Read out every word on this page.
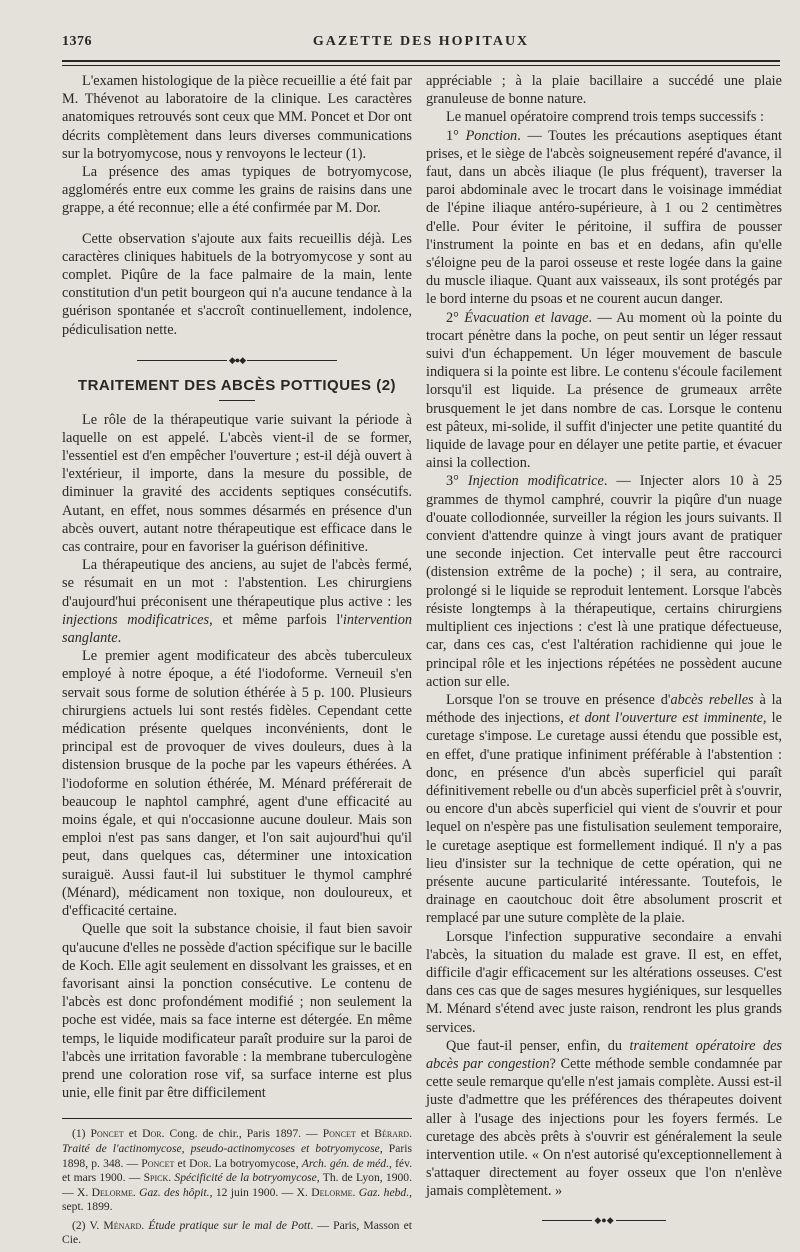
1376	GAZETTE DES HOPITAUX

L'examen histologique de la pièce recueillie a été fait par M. Thévenot au laboratoire de la clinique. Les caractères anatomiques retrouvés sont ceux que MM. Poncet et Dor ont décrits complètement dans leurs diverses communications sur la botryomycose, nous y renvoyons le lecteur (1).

La présence des amas typiques de botryomycose, agglomérés entre eux comme les grains de raisins dans une grappe, a été reconnue; elle a été confirmée par M. Dor.

Cette observation s'ajoute aux faits recueillis déjà. Les caractères cliniques habituels de la botryomycose y sont au complet. Piqûre de la face palmaire de la main, lente constitution d'un petit bourgeon qui n'a aucune tendance à la guérison spontanée et s'accroît continuellement, indolence, pédiculisation nette.

◆●◆
TRAITEMENT DES ABCÈS POTTIQUES (2)

Le rôle de la thérapeutique varie suivant la période à laquelle on est appelé. L'abcès vient-il de se former, l'essentiel est d'en empêcher l'ouverture ; est-il déjà ouvert à l'extérieur, il importe, dans la mesure du possible, de diminuer la gravité des accidents septiques consécutifs. Autant, en effet, nous sommes désarmés en présence d'un abcès ouvert, autant notre thérapeutique est efficace dans le cas contraire, pour en favoriser la guérison définitive.

La thérapeutique des anciens, au sujet de l'abcès fermé, se résumait en un mot : l'abstention. Les chirurgiens d'aujourd'hui préconisent une thérapeutique plus active : les injections modificatrices, et même parfois l'intervention sanglante.

Le premier agent modificateur des abcès tuberculeux employé à notre époque, a été l'iodoforme. Verneuil s'en servait sous forme de solution éthérée à 5 p. 100. Plusieurs chirurgiens actuels lui sont restés fidèles. Cependant cette médication présente quelques inconvénients, dont le principal est de provoquer de vives douleurs, dues à la distension brusque de la poche par les vapeurs éthérées. A l'iodoforme en solution éthérée, M. Ménard préférerait de beaucoup le naphtol camphré, agent d'une efficacité au moins égale, et qui n'occasionne aucune douleur. Mais son emploi n'est pas sans danger, et l'on sait aujourd'hui qu'il peut, dans quelques cas, déterminer une intoxication suraiguë. Aussi faut-il lui substituer le thymol camphré (Ménard), médicament non toxique, non douloureux, et d'efficacité certaine.

Quelle que soit la substance choisie, il faut bien savoir qu'aucune d'elles ne possède d'action spécifique sur le bacille de Koch. Elle agit seulement en dissolvant les graisses, et en favorisant ainsi la ponction consécutive. Le contenu de l'abcès est donc profondément modifié ; non seulement la poche est vidée, mais sa face interne est détergée. En même temps, le liquide modificateur paraît produire sur la paroi de l'abcès une irritation favorable : la membrane tuberculogène prend une coloration rose vif, sa surface interne est plus unie, elle finit par être difficilement

(1) Poncet et Dor. Cong. de chir., Paris 1897. — Poncet et Bérard. Traité de l'actinomycose, pseudo-actinomycoses et botryomycose, Paris 1898, p. 348. — Poncet et Dor. La botryomycose, Arch. gén. de méd., fév. et mars 1900. — Spick. Spécificité de la botryomycose, Th. de Lyon, 1900. — X. Delorme. Gaz. des hôpit., 12 juin 1900. — X. Delorme. Gaz. hebd., sept. 1899.

(2) V. Ménard. Étude pratique sur le mal de Pott. — Paris, Masson et Cie.

appréciable ; à la plaie bacillaire a succédé une plaie granuleuse de bonne nature.

Le manuel opératoire comprend trois temps successifs :

1° Ponction. — Toutes les précautions aseptiques étant prises, et le siège de l'abcès soigneusement repéré d'avance, il faut, dans un abcès iliaque (le plus fréquent), traverser la paroi abdominale avec le trocart dans le voisinage immédiat de l'épine iliaque antéro-supérieure, à 1 ou 2 centimètres d'elle. Pour éviter le péritoine, il suffira de pousser l'instrument la pointe en bas et en dedans, afin qu'elle s'éloigne peu de la paroi osseuse et reste logée dans la gaine du muscle iliaque. Quant aux vaisseaux, ils sont protégés par le bord interne du psoas et ne courent aucun danger.

2° Évacuation et lavage. — Au moment où la pointe du trocart pénètre dans la poche, on peut sentir un léger ressaut suivi d'un échappement. Un léger mouvement de bascule indiquera si la pointe est libre. Le contenu s'écoule facilement lorsqu'il est liquide. La présence de grumeaux arrête brusquement le jet dans nombre de cas. Lorsque le contenu est pâteux, mi-solide, il suffit d'injecter une petite quantité du liquide de lavage pour en délayer une petite partie, et évacuer ainsi la collection.

3° Injection modificatrice. — Injecter alors 10 à 25 grammes de thymol camphré, couvrir la piqûre d'un nuage d'ouate collodionnée, surveiller la région les jours suivants. Il convient d'attendre quinze à vingt jours avant de pratiquer une seconde injection. Cet intervalle peut être raccourci (distension extrême de la poche) ; il sera, au contraire, prolongé si le liquide se reproduit lentement. Lorsque l'abcès résiste longtemps à la thérapeutique, certains chirurgiens multiplient ces injections : c'est là une pratique défectueuse, car, dans ces cas, c'est l'altération rachidienne qui joue le principal rôle et les injections répétées ne possèdent aucune action sur elle.

Lorsque l'on se trouve en présence d'abcès rebelles à la méthode des injections, et dont l'ouverture est imminente, le curetage s'impose. Le curetage aussi étendu que possible est, en effet, d'une pratique infiniment préférable à l'abstention : donc, en présence d'un abcès superficiel qui paraît définitivement rebelle ou d'un abcès superficiel prêt à s'ouvrir, ou encore d'un abcès superficiel qui vient de s'ouvrir et pour lequel on n'espère pas une fistulisation seulement temporaire, le curetage aseptique est formellement indiqué. Il n'y a pas lieu d'insister sur la technique de cette opération, qui ne présente aucune particularité intéressante. Toutefois, le drainage en caoutchouc doit être absolument proscrit et remplacé par une suture complète de la plaie.

Lorsque l'infection suppurative secondaire a envahi l'abcès, la situation du malade est grave. Il est, en effet, difficile d'agir efficacement sur les altérations osseuses. C'est dans ces cas que de sages mesures hygiéniques, sur lesquelles M. Ménard s'étend avec juste raison, rendront les plus grands services.

Que faut-il penser, enfin, du traitement opératoire des abcès par congestion? Cette méthode semble condamnée par cette seule remarque qu'elle n'est jamais complète. Aussi est-il juste d'admettre que les préférences des thérapeutes doivent aller à l'usage des injections pour les foyers fermés. Le curetage des abcès prêts à s'ouvrir est généralement la seule intervention utile. « On n'est autorisé qu'exceptionnellement à s'attaquer directement au foyer osseux que l'on n'enlève jamais complètement. »

◆●◆
